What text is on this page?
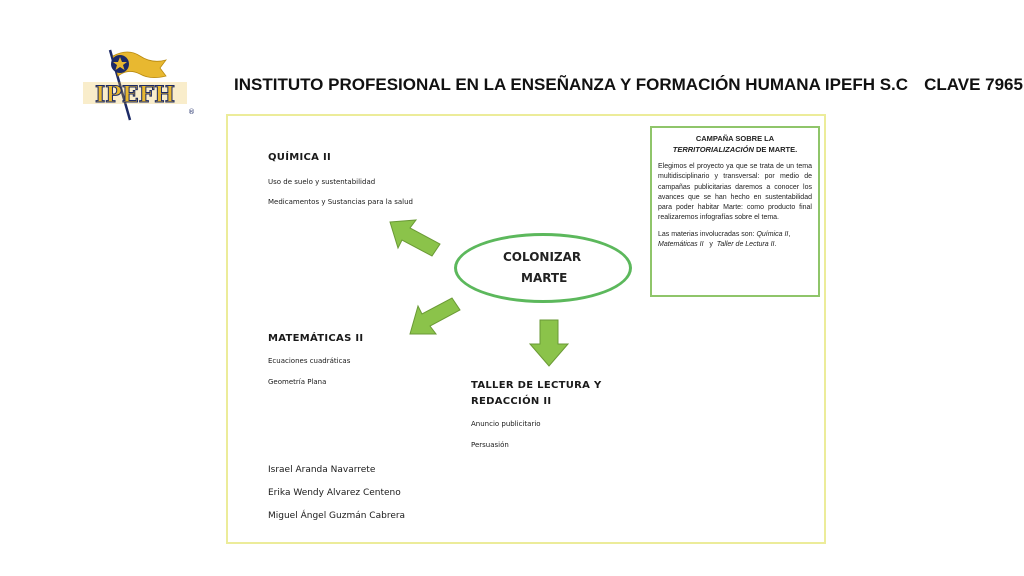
IPEFH
®
INSTITUTO PROFESIONAL EN LA ENSEÑANZA Y FORMACIÓN HUMANA IPEFH S.C CLAVE 7965
QUÍMICA II
Uso de suelo y sustentabilidad
Medicamentos y Sustancias para la salud
MATEMÁTICAS II
Ecuaciones cuadráticas
Geometría Plana	TALLER DE LECTURA Y
REDACCIÓN II
Anuncio publicitario
Persuasión
Israel Aranda Navarrete
Erika Wendy Alvarez Centeno
Miguel Ángel Guzmán Cabrera
COLONIZAR
MARTE

CAMPAÑA SOBRE LA
TERRITORIALIZACIÓN DE MARTE.

Elegimos el proyecto ya que se trata de un tema multidisciplinario y transversal: por medio de campañas publicitarias daremos a conocer los avances que se han hecho en sustentabilidad para poder habitar Marte: como producto final realizaremos infografías sobre el tema.

Las materias involucradas son: Química II, Matemáticas II   y  Taller de Lectura II.
